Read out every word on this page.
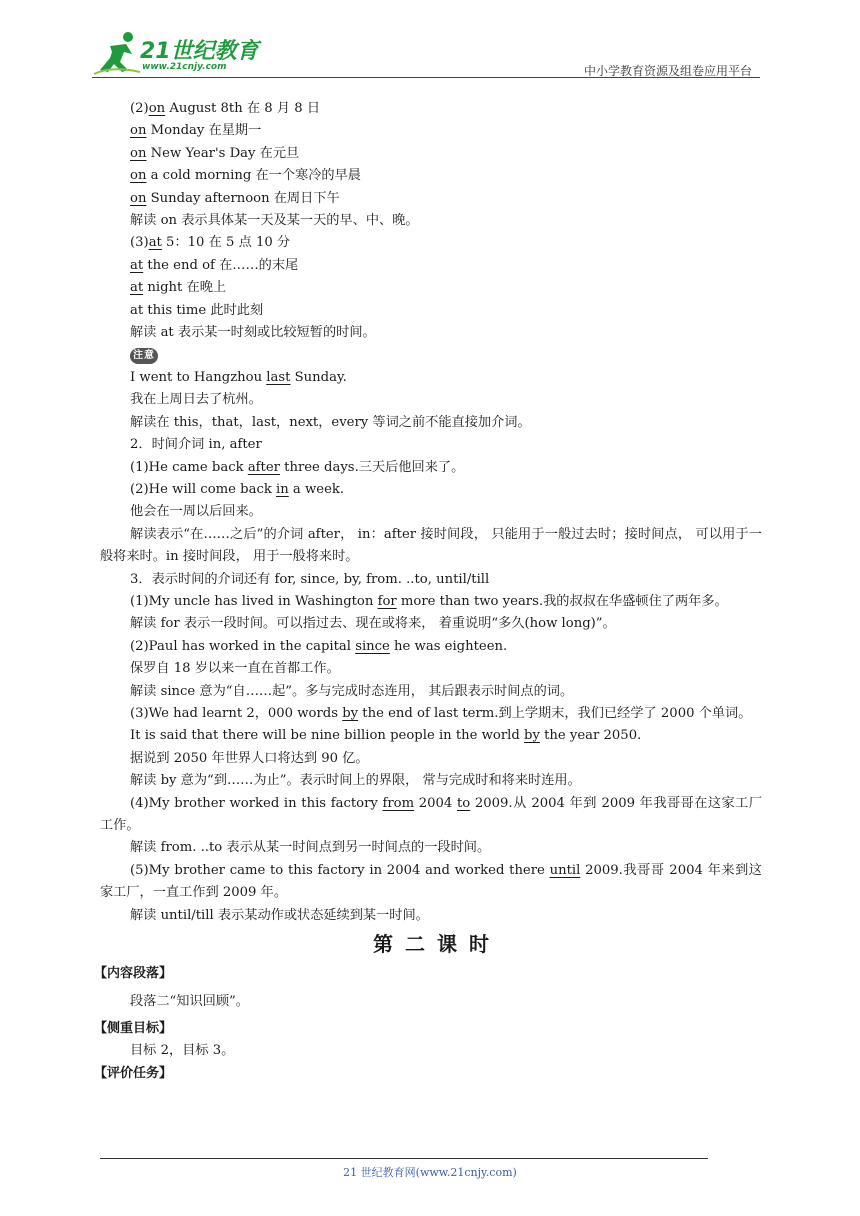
21世纪教育
www.21cnjy.com	中小学教育资源及组卷应用平台
(2)on August 8th 在 8 月 8 日
on Monday 在星期一
on New Year's Day 在元旦
on a cold morning 在一个寒冷的早晨
on Sunday afternoon 在周日下午
解读 on 表示具体某一天及某一天的早、中、晚。
(3)at 5：10 在 5 点 10 分
at the end of 在……的末尾
at night 在晚上
at this time 此时此刻
解读 at 表示某一时刻或比较短暂的时间。
注意
I went to Hangzhou last Sunday.
我在上周日去了杭州。
解读在 this，that，last，next，every 等词之前不能直接加介词。
2．时间介词 in, after
(1)He came back after three days.三天后他回来了。
(2)He will come back in a week.
他会在一周以后回来。
解读表示“在……之后”的介词 after， in：after 接时间段， 只能用于一般过去时；接时间点， 可以用于一般将来时。in 接时间段， 用于一般将来时。
3．表示时间的介词还有 for, since, by, from. ..to, until/till
(1)My uncle has lived in Washington for more than two years.我的叔叔在华盛顿住了两年多。
解读 for 表示一段时间。可以指过去、现在或将来， 着重说明“多久(how long)”。
(2)Paul has worked in the capital since he was eighteen.
保罗自 18 岁以来一直在首都工作。
解读 since 意为“自……起”。多与完成时态连用， 其后跟表示时间点的词。
(3)We had learnt 2，000 words by the end of last term.到上学期末，我们已经学了 2000 个单词。
It is said that there will be nine billion people in the world by the year 2050.
据说到 2050 年世界人口将达到 90 亿。
解读 by 意为“到……为止”。表示时间上的界限， 常与完成时和将来时连用。
(4)My brother worked in this factory from 2004 to 2009.从 2004 年到 2009 年我哥哥在这家工厂工作。
解读 from. ..to 表示从某一时间点到另一时间点的一段时间。
(5)My brother came to this factory in 2004 and worked there until 2009.我哥哥 2004 年来到这家工厂，一直工作到 2009 年。
解读 until/till 表示某动作或状态延续到某一时间。
第二课时
【内容段落】
段落二“知识回顾”。
【侧重目标】
目标 2，目标 3。
【评价任务】
21 世纪教育网(www.21cnjy.com)
